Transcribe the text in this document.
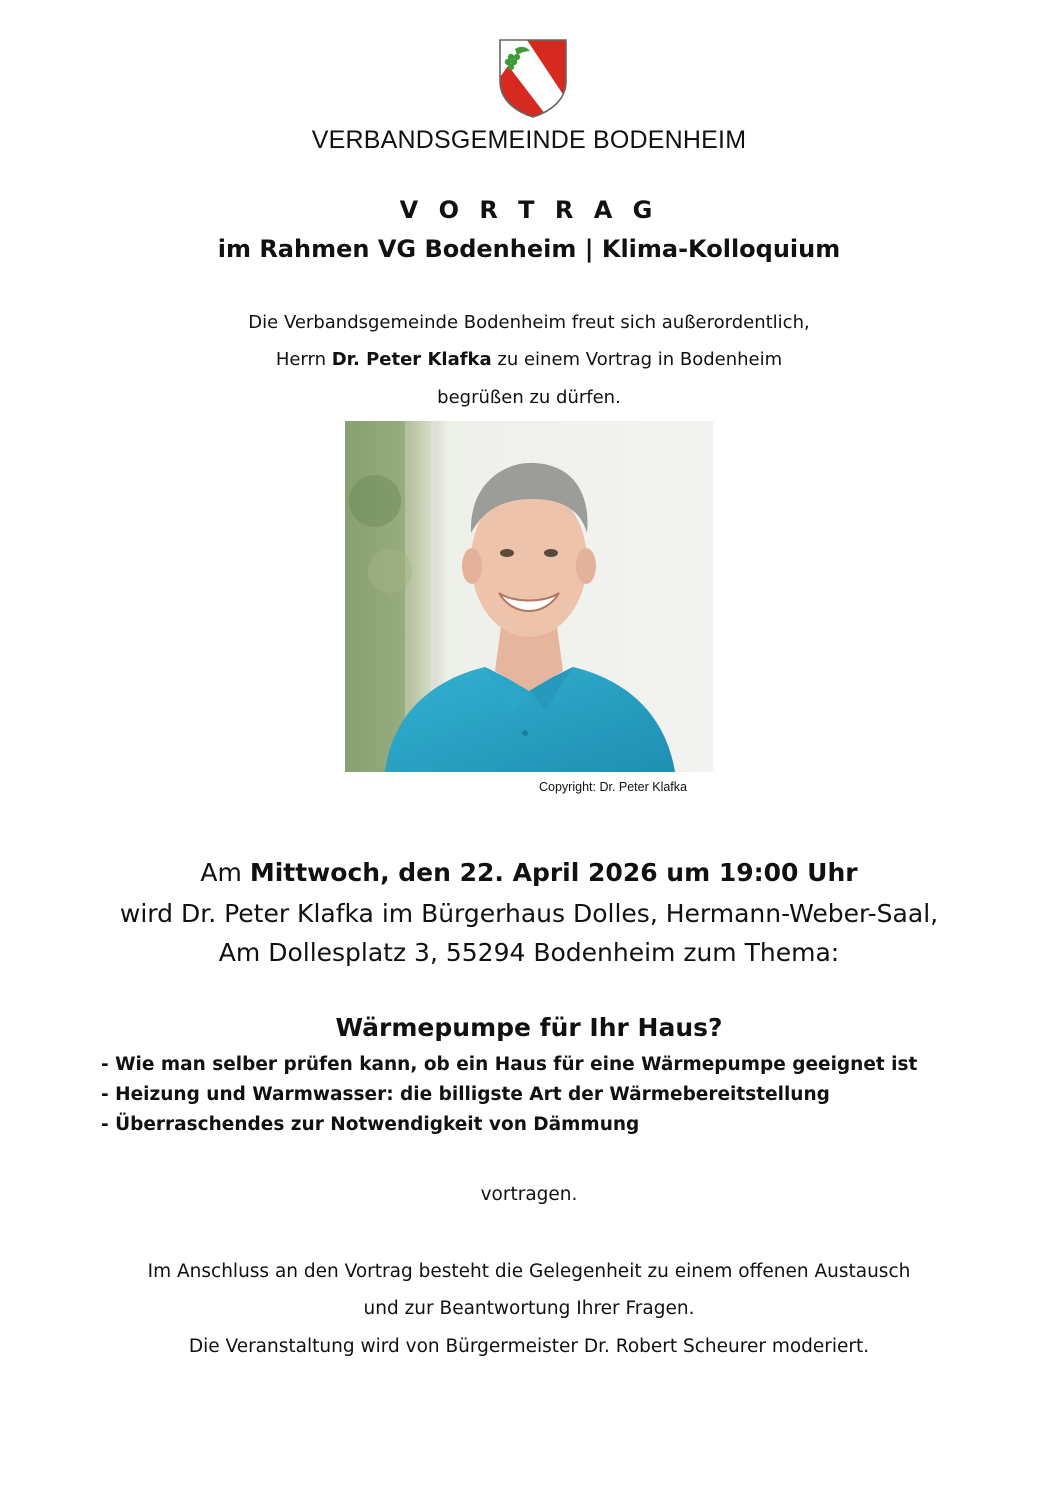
VERBANDSGEMEINDE BODENHEIM
V O R T R A G
im Rahmen VG Bodenheim | Klima-Kolloquium
Die Verbandsgemeinde Bodenheim freut sich außerordentlich,
Herrn Dr. Peter Klafka zu einem Vortrag in Bodenheim
begrüßen zu dürfen.
Copyright: Dr. Peter Klafka
Am Mittwoch, den 22. April 2026 um 19:00 Uhr
wird Dr. Peter Klafka im Bürgerhaus Dolles, Hermann-Weber-Saal,
Am Dollesplatz 3, 55294 Bodenheim zum Thema:
Wärmepumpe für Ihr Haus?
- Wie man selber prüfen kann, ob ein Haus für eine Wärmepumpe geeignet ist
- Heizung und Warmwasser: die billigste Art der Wärmebereitstellung
- Überraschendes zur Notwendigkeit von Dämmung
vortragen.
Im Anschluss an den Vortrag besteht die Gelegenheit zu einem offenen Austausch
und zur Beantwortung Ihrer Fragen.
Die Veranstaltung wird von Bürgermeister Dr. Robert Scheurer moderiert.
